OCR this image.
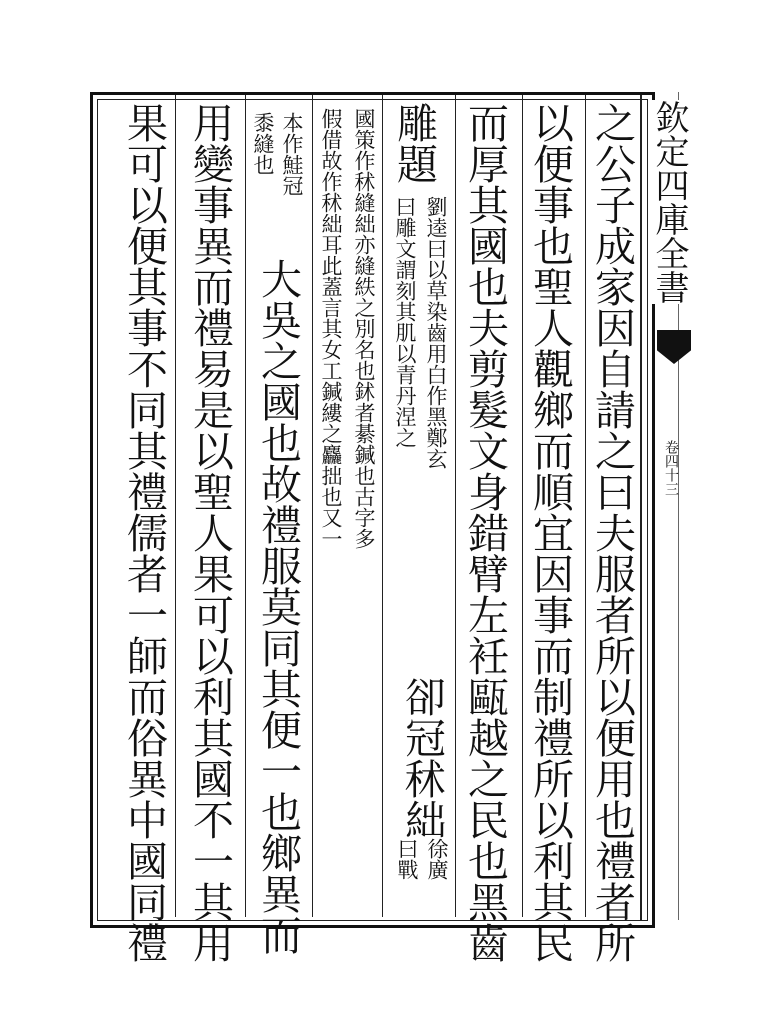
欽定四庫全書
卷四十三
之公子成家因自請之曰夫服者所以便用也禮者所
以便事也聖人觀鄉而順宜因事而制禮所以利其民
而厚其國也夫剪髮文身錯臂左衽甌越之民也黑齒
雕題
劉逵曰以草染齒用白作黑鄭玄
曰雕文謂刻其肌以青丹涅之
卻冠秫絀
徐廣
曰戰
國策作秫縫絀亦縫紩之別名也鉥者綦鍼也古字多
假借故作秫絀耳此蓋言其女工鍼縷之麤拙也又一
本作鮭冠
黍縫也
大吳之國也故禮服莫同其便一也鄉異而
用變事異而禮易是以聖人果可以利其國不一其用
果可以便其事不同其禮儒者一師而俗異中國同禮
